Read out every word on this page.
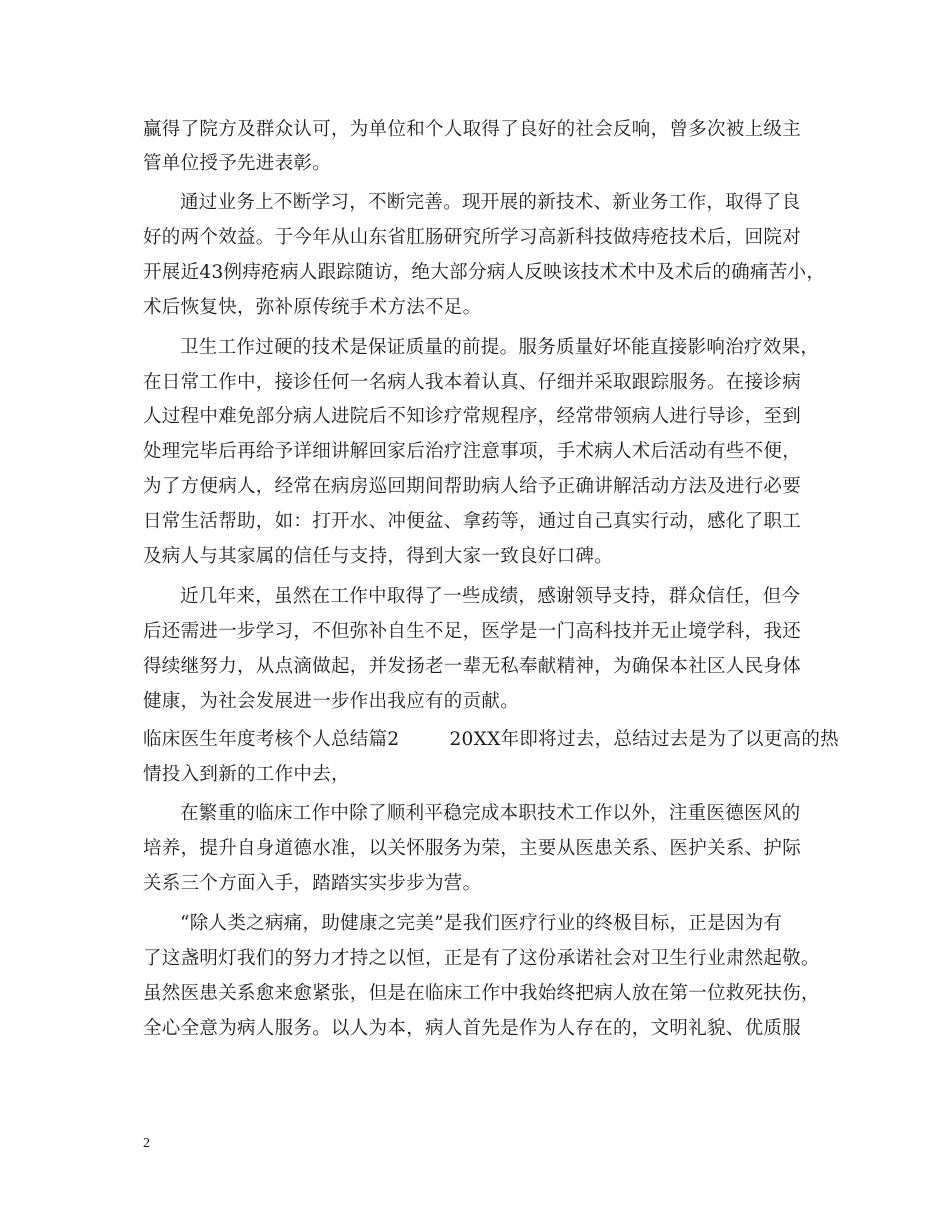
赢得了院方及群众认可，为单位和个人取得了良好的社会反响，曾多次被上级主
管单位授予先进表彰。
通过业务上不断学习，不断完善。现开展的新技术、新业务工作，取得了良
好的两个效益。于今年从山东省肛肠研究所学习高新科技做痔疮技术后，回院对
开展近43例痔疮病人跟踪随访，绝大部分病人反映该技术术中及术后的确痛苦小，
术后恢复快，弥补原传统手术方法不足。
卫生工作过硬的技术是保证质量的前提。服务质量好坏能直接影响治疗效果，
在日常工作中，接诊任何一名病人我本着认真、仔细并采取跟踪服务。在接诊病
人过程中难免部分病人进院后不知诊疗常规程序，经常带领病人进行导诊，至到
处理完毕后再给予详细讲解回家后治疗注意事项，手术病人术后活动有些不便，
为了方便病人，经常在病房巡回期间帮助病人给予正确讲解活动方法及进行必要
日常生活帮助，如：打开水、冲便盆、拿药等，通过自己真实行动，感化了职工
及病人与其家属的信任与支持，得到大家一致良好口碑。
近几年来，虽然在工作中取得了一些成绩，感谢领导支持，群众信任，但今
后还需进一步学习，不但弥补自生不足，医学是一门高科技并无止境学科，我还
得续继努力，从点滴做起，并发扬老一辈无私奉献精神，为确保本社区人民身体
健康，为社会发展进一步作出我应有的贡献。
临床医生年度考核个人总结篇2	20XX年即将过去，总结过去是为了以更高的热
情投入到新的工作中去，
在繁重的临床工作中除了顺利平稳完成本职技术工作以外，注重医德医风的
培养，提升自身道德水准，以关怀服务为荣，主要从医患关系、医护关系、护际
关系三个方面入手，踏踏实实步步为营。
“除人类之病痛，助健康之完美”是我们医疗行业的终极目标，正是因为有
了这盏明灯我们的努力才持之以恒，正是有了这份承诺社会对卫生行业肃然起敬。
虽然医患关系愈来愈紧张，但是在临床工作中我始终把病人放在第一位救死扶伤，
全心全意为病人服务。以人为本，病人首先是作为人存在的，文明礼貌、优质服
2
